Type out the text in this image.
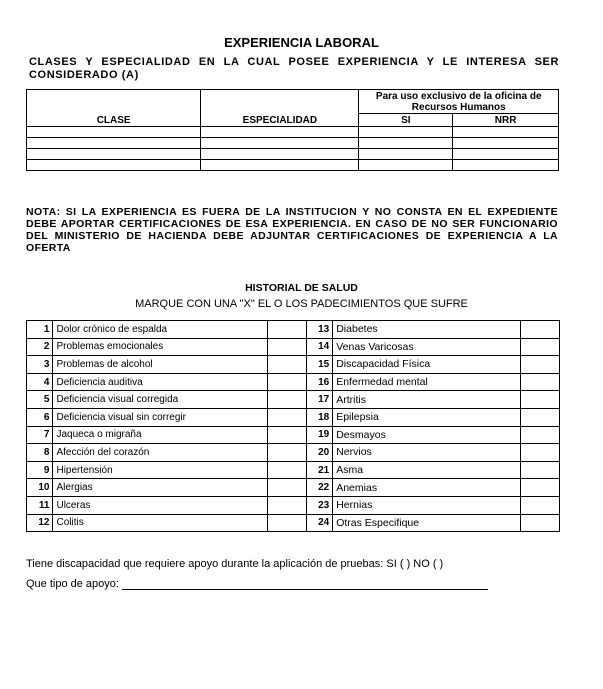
EXPERIENCIA LABORAL
CLASES Y ESPECIALIDAD EN LA CUAL POSEE EXPERIENCIA Y LE INTERESA SER CONSIDERADO (A)
CLASE	ESPECIALIDAD	Para uso exclusivo de la oficina de Recursos Humanos	
		SI	NRR

NOTA: SI LA EXPERIENCIA ES FUERA DE LA INSTITUCION Y NO CONSTA EN EL EXPEDIENTE DEBE APORTAR CERTIFICACIONES DE ESA EXPERIENCIA. EN CASO DE NO SER FUNCIONARIO DEL MINISTERIO DE HACIENDA DEBE ADJUNTAR CERTIFICACIONES DE EXPERIENCIA A LA OFERTA
HISTORIAL DE SALUD
MARQUE CON UNA "X" EL O LOS PADECIMIENTOS QUE SUFRE
1	Dolor crónico de espalda		13	Diabetes	
2	Problemas emocionales		14	Venas Varicosas	
3	Problemas de alcohol		15	Discapacidad Física	
4	Deficiencia auditiva		16	Enfermedad mental	
5	Deficiencia visual corregida		17	Artritis	
6	Deficiencia visual sin corregir		18	Epilepsia	
7	Jaqueca o migraña		19	Desmayos	
8	Afección del corazón		20	Nervios	
9	Hipertensión		21	Asma	
10	Alergias		22	Anemias	
11	Ulceras		23	Hernias	
12	Colitis		24	Otras Especifique	
Tiene discapacidad que requiere apoyo durante la aplicación de pruebas: SI ( ) NO ( )
Que tipo de apoyo:
